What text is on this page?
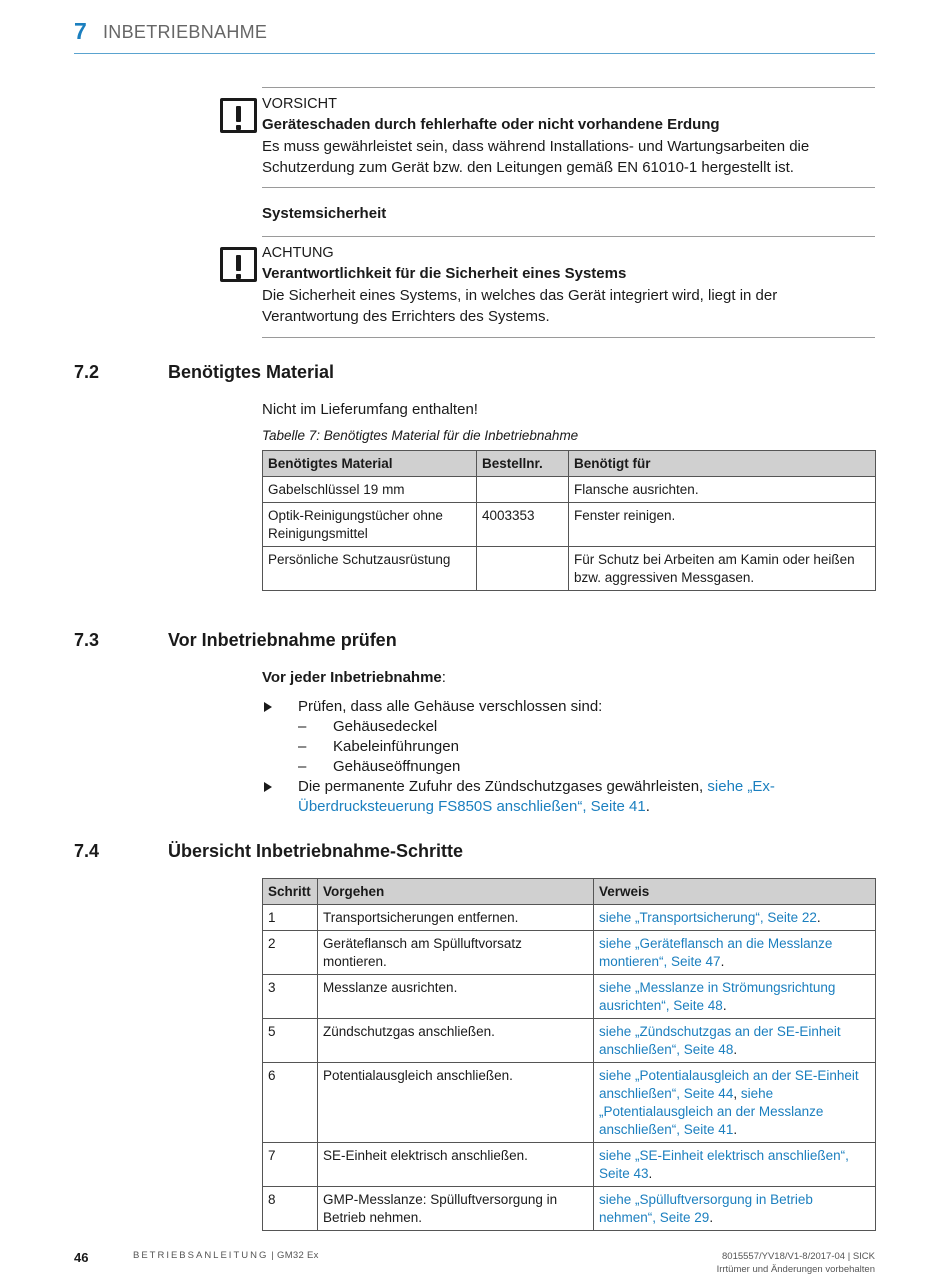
7 INBETRIEBNAHME
VORSICHT
Geräteschaden durch fehlerhafte oder nicht vorhandene Erdung
Es muss gewährleistet sein, dass während Installations- und Wartungsarbeiten die Schutzerdung zum Gerät bzw. den Leitungen gemäß EN 61010-1 hergestellt ist.
Systemsicherheit
ACHTUNG
Verantwortlichkeit für die Sicherheit eines Systems
Die Sicherheit eines Systems, in welches das Gerät integriert wird, liegt in der Verantwortung des Errichters des Systems.
7.2	Benötigtes Material
Nicht im Lieferumfang enthalten!
Tabelle 7: Benötigtes Material für die Inbetriebnahme
Benötigtes Material	Bestellnr.	Benötigt für
Gabelschlüssel 19 mm		Flansche ausrichten.
Optik-Reinigungstücher ohne Reinigungsmittel	4003353	Fenster reinigen.
Persönliche Schutzausrüstung		Für Schutz bei Arbeiten am Kamin oder heißen bzw. aggressiven Messgasen.
7.3	Vor Inbetriebnahme prüfen
Vor jeder Inbetriebnahme:
Prüfen, dass alle Gehäuse verschlossen sind:
– Gehäusedeckel
– Kabeleinführungen
– Gehäuseöffnungen
Die permanente Zufuhr des Zündschutzgases gewährleisten, siehe „Ex-Überdrucksteuerung FS850S anschließen“, Seite 41.
7.4	Übersicht Inbetriebnahme-Schritte
Schritt	Vorgehen	Verweis
1	Transportsicherungen entfernen.	siehe „Transportsicherung“, Seite 22.
2	Geräteflansch am Spülluftvorsatz montieren.	siehe „Geräteflansch an die Messlanze montieren“, Seite 47.
3	Messlanze ausrichten.	siehe „Messlanze in Strömungsrichtung ausrichten“, Seite 48.
5	Zündschutzgas anschließen.	siehe „Zündschutzgas an der SE-Einheit anschließen“, Seite 48.
6	Potentialausgleich anschließen.	siehe „Potentialausgleich an der SE-Einheit anschließen“, Seite 44, siehe „Potentialausgleich an der Messlanze anschließen“, Seite 41.
7	SE-Einheit elektrisch anschließen.	siehe „SE-Einheit elektrisch anschließen“, Seite 43.
8	GMP-Messlanze: Spülluftversorgung in Betrieb nehmen.	siehe „Spülluftversorgung in Betrieb nehmen“, Seite 29.
46	BETRIEBSANLEITUNG | GM32 Ex	8015557/YV18/V1-8/2017-04 | SICK
Irrtümer und Änderungen vorbehalten
